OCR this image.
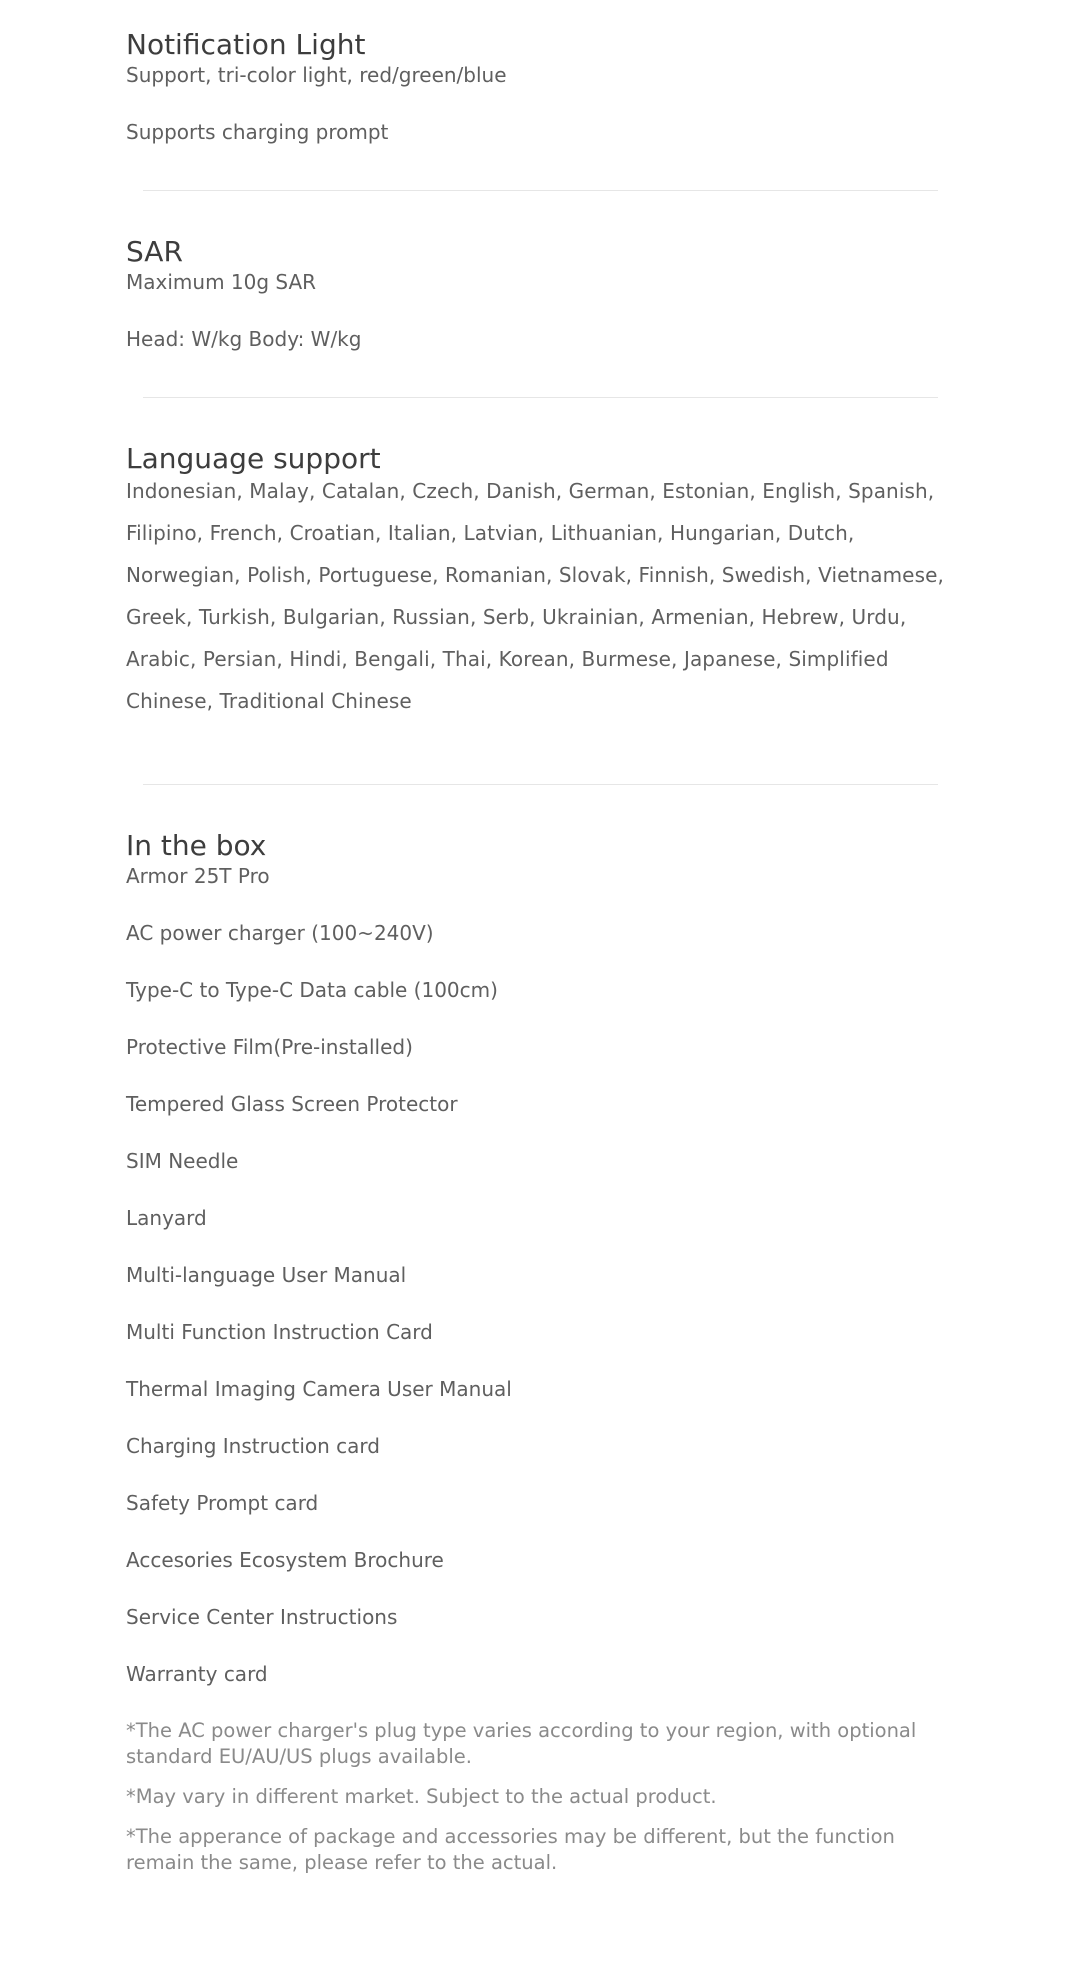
Notification Light

Support, tri-color light, red/green/blue

Supports charging prompt

SAR

Maximum 10g SAR

Head: W/kg Body: W/kg

Language support

Indonesian, Malay, Catalan, Czech, Danish, German, Estonian, English, Spanish, Filipino, French, Croatian, Italian, Latvian, Lithuanian, Hungarian, Dutch, Norwegian, Polish, Portuguese, Romanian, Slovak, Finnish, Swedish, Vietnamese, Greek, Turkish, Bulgarian, Russian, Serb, Ukrainian, Armenian, Hebrew, Urdu, Arabic, Persian, Hindi, Bengali, Thai, Korean, Burmese, Japanese, Simplified Chinese, Traditional Chinese

In the box

Armor 25T Pro

AC power charger (100~240V)

Type-C to Type-C Data cable (100cm)

Protective Film(Pre-installed)

Tempered Glass Screen Protector

SIM Needle

Lanyard

Multi-language User Manual

Multi Function Instruction Card

Thermal Imaging Camera User Manual

Charging Instruction card

Safety Prompt card

Accesories Ecosystem Brochure

Service Center Instructions

Warranty card

*The AC power charger's plug type varies according to your region, with optional standard EU/AU/US plugs available.

*May vary in different market. Subject to the actual product.

*The apperance of package and accessories may be different, but the function remain the same, please refer to the actual.
